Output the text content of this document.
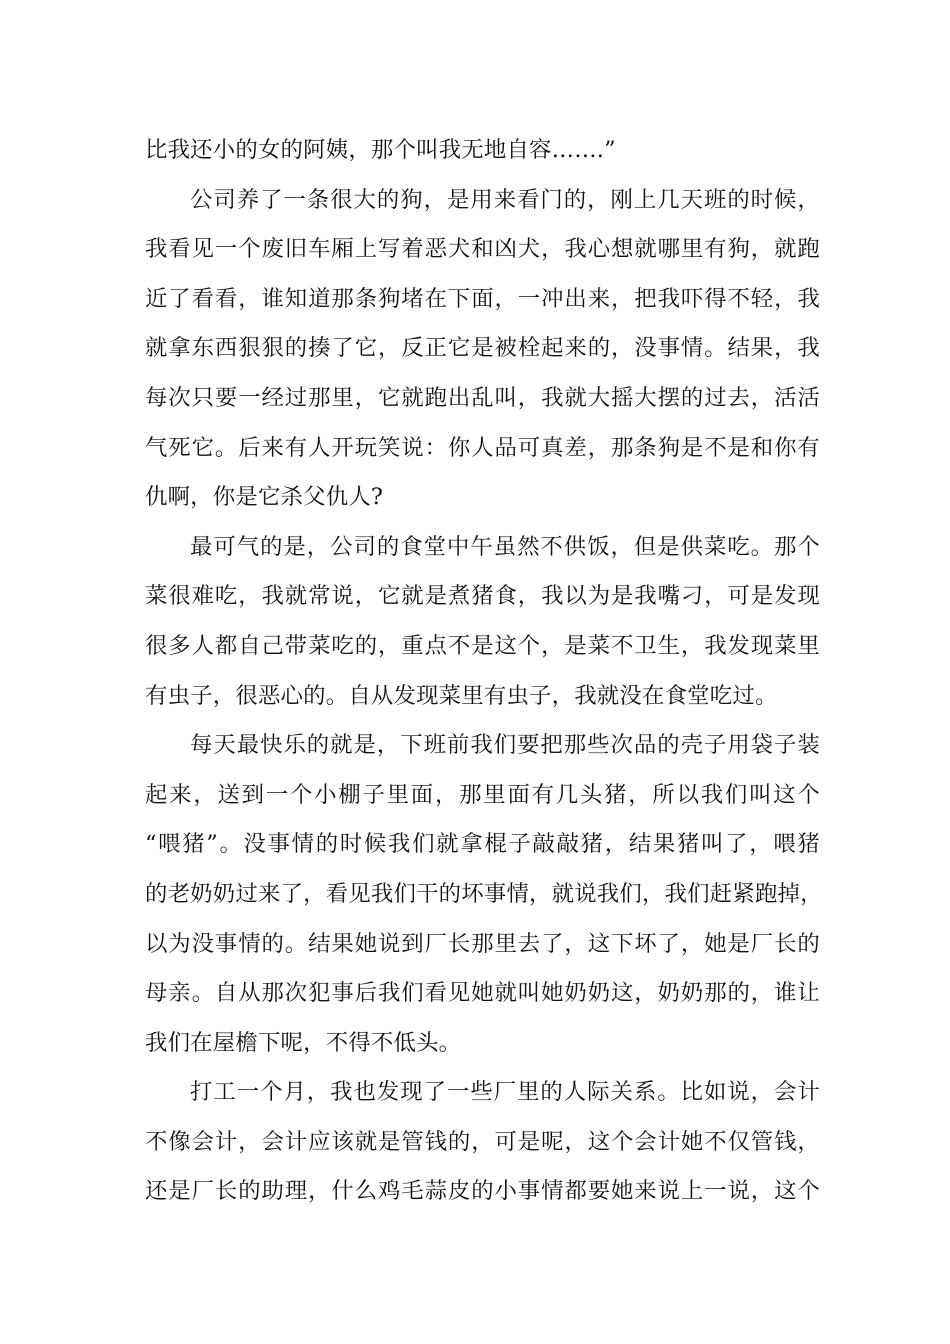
比我还小的女的阿姨，那个叫我无地自容…….”
公司养了一条很大的狗，是用来看门的，刚上几天班的时候，
我看见一个废旧车厢上写着恶犬和凶犬，我心想就哪里有狗，就跑
近了看看，谁知道那条狗堵在下面，一冲出来，把我吓得不轻，我
就拿东西狠狠的揍了它，反正它是被栓起来的，没事情。结果，我
每次只要一经过那里，它就跑出乱叫，我就大摇大摆的过去，活活
气死它。后来有人开玩笑说：你人品可真差，那条狗是不是和你有
仇啊，你是它杀父仇人?
最可气的是，公司的食堂中午虽然不供饭，但是供菜吃。那个
菜很难吃，我就常说，它就是煮猪食，我以为是我嘴刁，可是发现
很多人都自己带菜吃的，重点不是这个，是菜不卫生，我发现菜里
有虫子，很恶心的。自从发现菜里有虫子，我就没在食堂吃过。
每天最快乐的就是，下班前我们要把那些次品的壳子用袋子装
起来，送到一个小棚子里面，那里面有几头猪，所以我们叫这个
“喂猪”。没事情的时候我们就拿棍子敲敲猪，结果猪叫了，喂猪
的老奶奶过来了，看见我们干的坏事情，就说我们，我们赶紧跑掉，
以为没事情的。结果她说到厂长那里去了，这下坏了，她是厂长的
母亲。自从那次犯事后我们看见她就叫她奶奶这，奶奶那的，谁让
我们在屋檐下呢，不得不低头。
打工一个月，我也发现了一些厂里的人际关系。比如说，会计
不像会计，会计应该就是管钱的，可是呢，这个会计她不仅管钱，
还是厂长的助理，什么鸡毛蒜皮的小事情都要她来说上一说，这个
